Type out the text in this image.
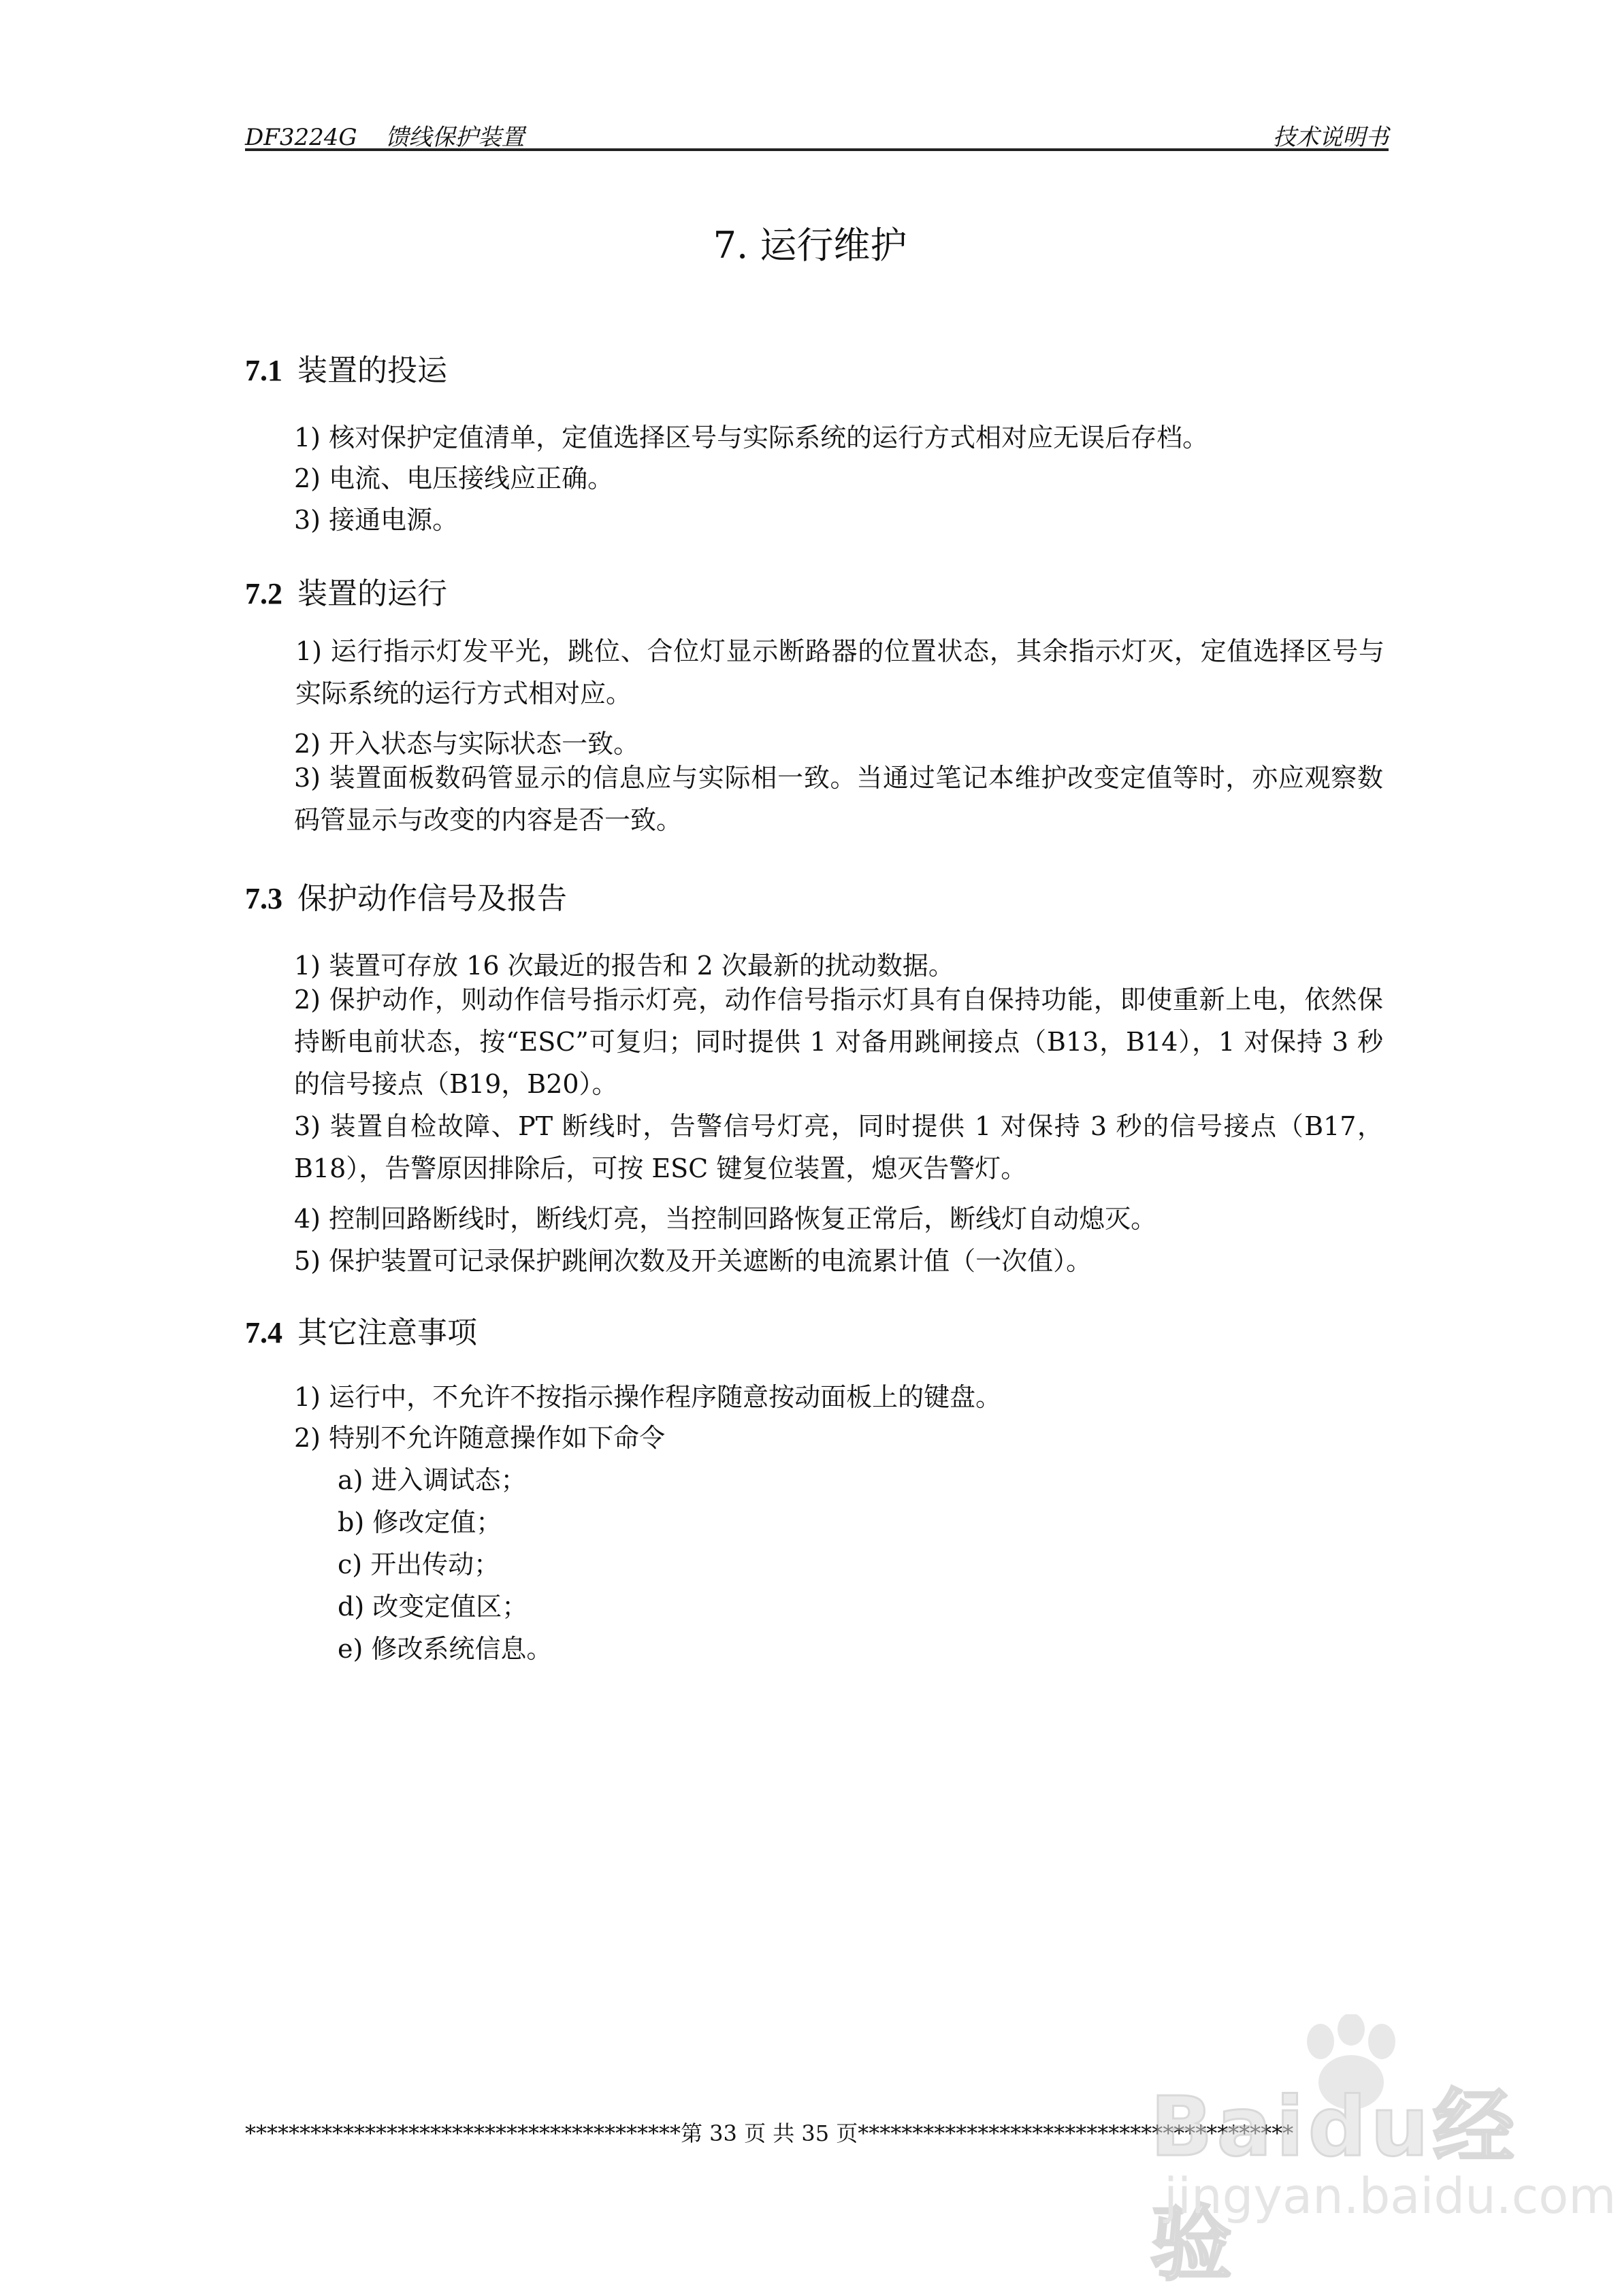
DF3224G 馈线保护装置	技术说明书
7. 运行维护
7.1 装置的投运
1) 核对保护定值清单，定值选择区号与实际系统的运行方式相对应无误后存档。
2) 电流、电压接线应正确。
3) 接通电源。
7.2 装置的运行
1) 运行指示灯发平光，跳位、合位灯显示断路器的位置状态，其余指示灯灭，定值选择区号与实际系统的运行方式相对应。
2) 开入状态与实际状态一致。
3) 装置面板数码管显示的信息应与实际相一致。当通过笔记本维护改变定值等时，亦应观察数码管显示与改变的内容是否一致。
7.3 保护动作信号及报告
1) 装置可存放 16 次最近的报告和 2 次最新的扰动数据。
2) 保护动作，则动作信号指示灯亮，动作信号指示灯具有自保持功能，即使重新上电，依然保持断电前状态，按“ESC”可复归；同时提供 1 对备用跳闸接点（B13，B14），1 对保持 3 秒的信号接点（B19，B20）。
3) 装置自检故障、PT 断线时，告警信号灯亮，同时提供 1 对保持 3 秒的信号接点（B17，B18），告警原因排除后，可按 ESC 键复位装置，熄灭告警灯。
4) 控制回路断线时，断线灯亮，当控制回路恢复正常后，断线灯自动熄灭。
5) 保护装置可记录保护跳闸次数及开关遮断的电流累计值（一次值）。
7.4 其它注意事项
1) 运行中，不允许不按指示操作程序随意按动面板上的键盘。
2) 特别不允许随意操作如下命令
a) 进入调试态；
b) 修改定值；
c) 开出传动；
d) 改变定值区；
e) 修改系统信息。
****************************************第 33 页 共 35 页****************************************
Baidu经验
jingyan.baidu.com
